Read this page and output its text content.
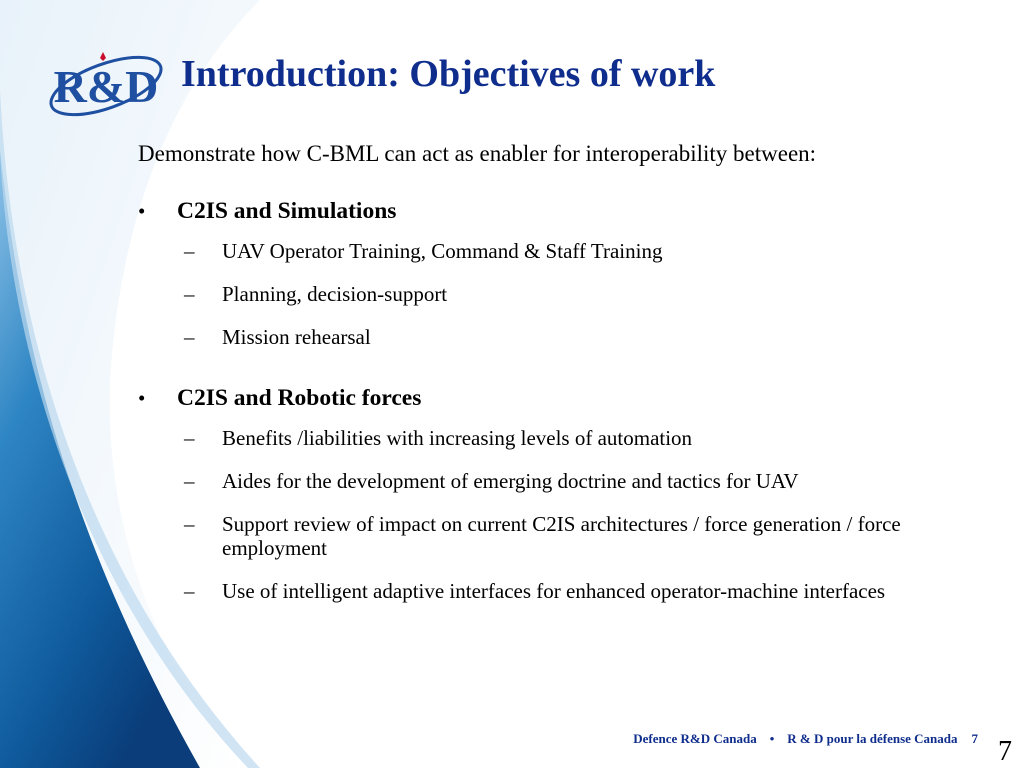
R&D Introduction: Objectives of work

Demonstrate how C-BML can act as enabler for interoperability between:

•	C2IS and Simulations
–	UAV Operator Training, Command & Staff Training
–	Planning, decision-support
–	Mission rehearsal
•	C2IS and Robotic forces
–	Benefits /liabilities with increasing levels of automation
–	Aides for the development of emerging doctrine and tactics for UAV
–	Support review of impact on current C2IS architectures / force generation / force employment
–	Use of intelligent adaptive interfaces for enhanced operator-machine interfaces
Defence R&D Canada • R & D pour la défense Canada 7 7
